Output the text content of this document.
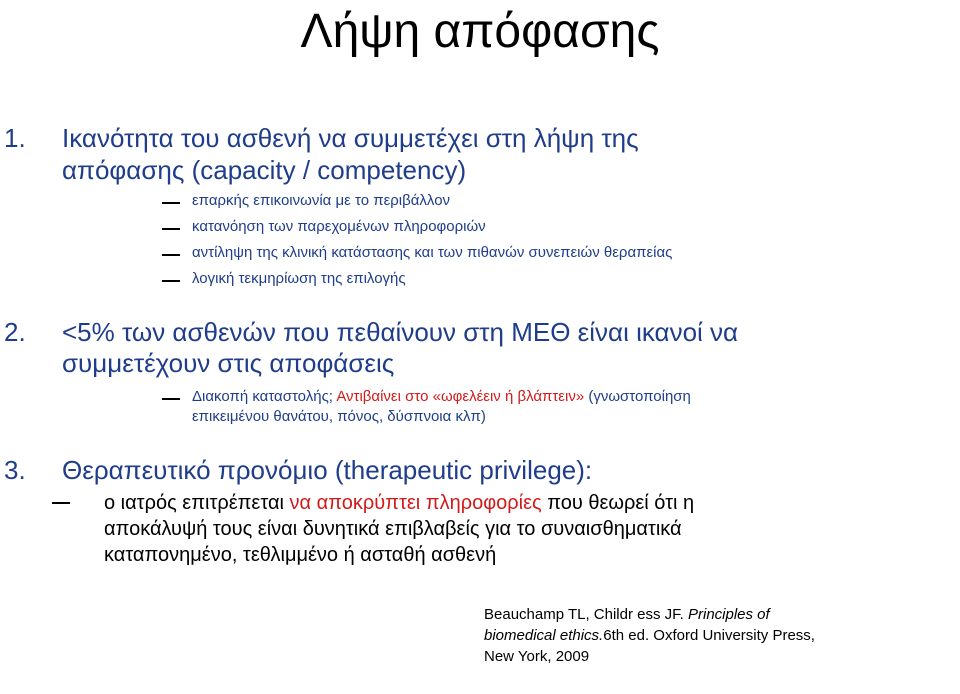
Λήψη απόφασης
1. Ικανότητα του ασθενή να συμμετέχει στη λήψη της
απόφασης (capacity / competency)
επαρκής επικοινωνία με το περιβάλλον
κατανόηση των παρεχομένων πληροφοριών
αντίληψη της κλινική κατάστασης και των πιθανών συνεπειών θεραπείας
λογική τεκμηρίωση της επιλογής
2. <5% των ασθενών που πεθαίνουν στη ΜΕΘ είναι ικανοί να
συμμετέχουν στις αποφάσεις
Διακοπή καταστολής; Αντιβαίνει στο «ωφελέειν ή βλάπτειν» (γνωστοποίηση
επικειμένου θανάτου, πόνος, δύσπνοια κλπ)
3. Θεραπευτικό προνόμιο (therapeutic privilege):
ο ιατρός επιτρέπεται να αποκρύπτει πληροφορίες που θεωρεί ότι η
αποκάλυψή τους είναι δυνητικά επιβλαβείς για το συναισθηματικά
καταπονημένο, τεθλιμμένο ή ασταθή ασθενή
Beauchamp TL, Childr ess JF. Principles of
biomedical ethics.6th ed. Oxford University Press,
New York, 2009
